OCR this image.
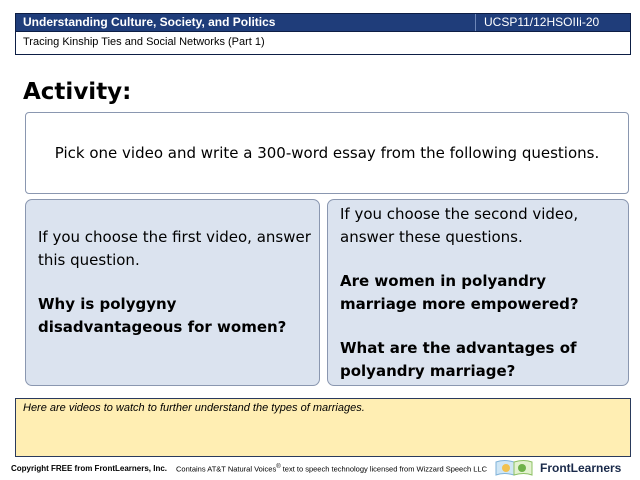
Understanding Culture, Society, and Politics	UCSP11/12HSOIIi-20
Tracing Kinship Ties and Social Networks (Part 1)
Activity:
Pick one video and write a 300-word essay from the following questions.
If you choose the first video, answer this question.
Why is polygyny disadvantageous for women?
If you choose the second video, answer these questions.
Are women in polyandry marriage more empowered?
What are the advantages of polyandry marriage?
Here are videos to watch to further understand the types of marriages.
Copyright FREE from FrontLearners, Inc. Contains AT&T Natural Voices® text to speech technology licensed from Wizzard Speech LLC	FrontLearners
